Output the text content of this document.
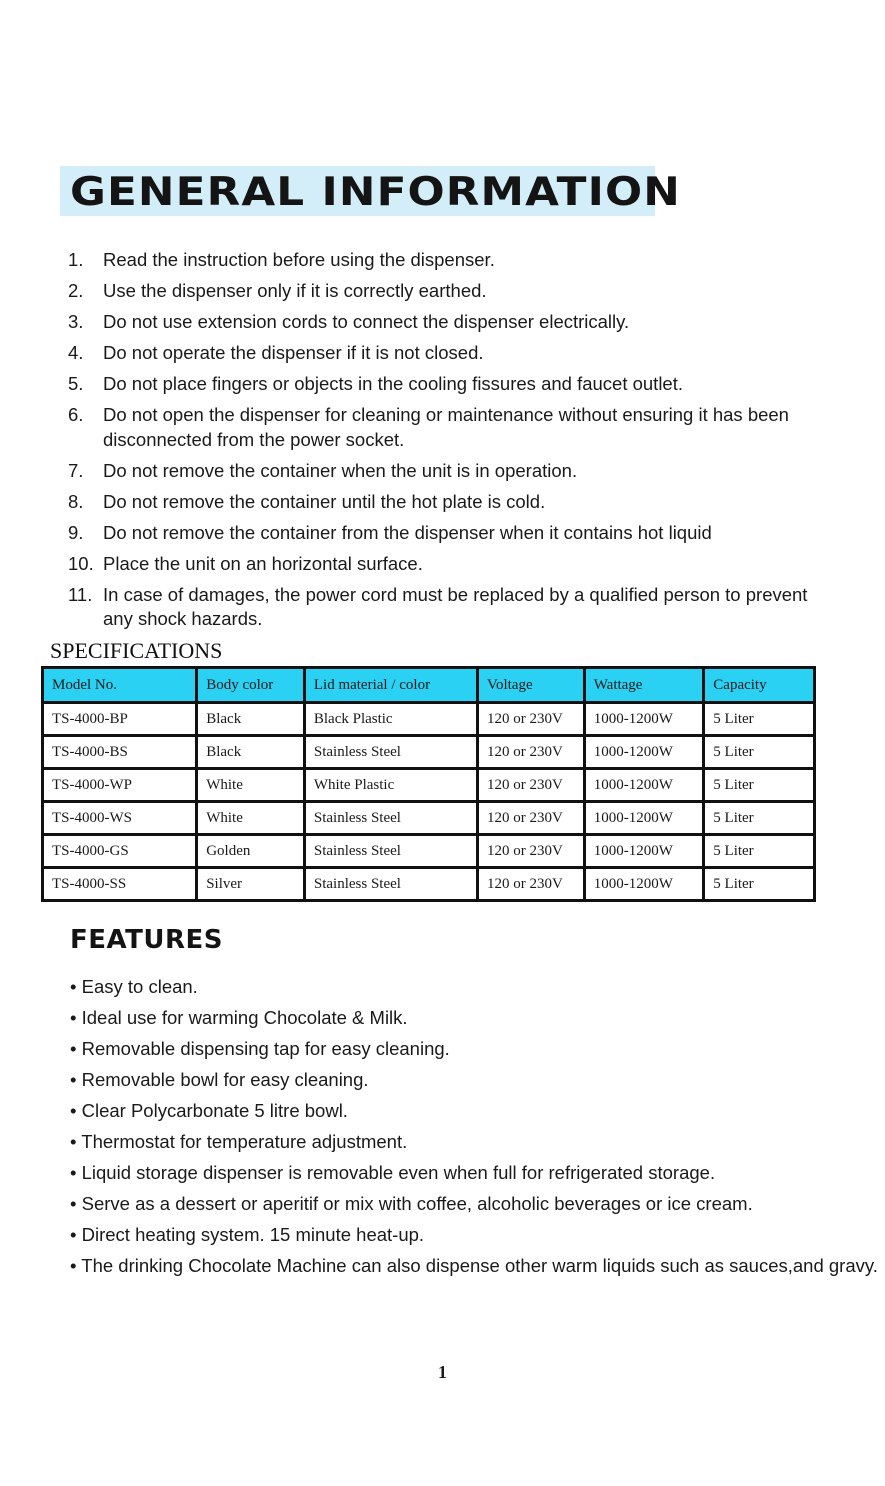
GENERAL INFORMATION
1.	Read the instruction before using the dispenser.
2.	Use the dispenser only if it is correctly earthed.
3.	Do not use extension cords to connect the dispenser electrically.
4.	Do not operate the dispenser if it is not closed.
5.	Do not place fingers or objects in the cooling fissures and faucet outlet.
6.	Do not open the dispenser for cleaning or maintenance without ensuring it has been disconnected from the power socket.
7.	Do not remove the container when the unit is in operation.
8.	Do not remove the container until the hot plate is cold.
9.	Do not remove the container from the dispenser when it contains hot liquid
10. Place the unit on an horizontal surface.
11. In case of damages, the power cord must be replaced by a qualified person to prevent any shock hazards.
SPECIFICATIONS
Model No.	Body color	Lid material / color	Voltage	Wattage	Capacity
TS-4000-BP	Black	Black Plastic	120 or 230V	1000-1200W	5 Liter
TS-4000-BS	Black	Stainless Steel	120 or 230V	1000-1200W	5 Liter
TS-4000-WP	White	White Plastic	120 or 230V	1000-1200W	5 Liter
TS-4000-WS	White	Stainless Steel	120 or 230V	1000-1200W	5 Liter
TS-4000-GS	Golden	Stainless Steel	120 or 230V	1000-1200W	5 Liter
TS-4000-SS	Silver	Stainless Steel	120 or 230V	1000-1200W	5 Liter
FEATURES
• Easy to clean.
• Ideal use for warming Chocolate & Milk.
• Removable dispensing tap for easy cleaning.
• Removable bowl for easy cleaning.
• Clear Polycarbonate 5 litre bowl.
• Thermostat for temperature adjustment.
• Liquid storage dispenser is removable even when full for refrigerated storage.
• Serve as a dessert or aperitif or mix with coffee, alcoholic beverages or ice cream.
• Direct heating system. 15 minute heat-up.
• The drinking Chocolate Machine can also dispense other warm liquids such as sauces,and gravy.
1
